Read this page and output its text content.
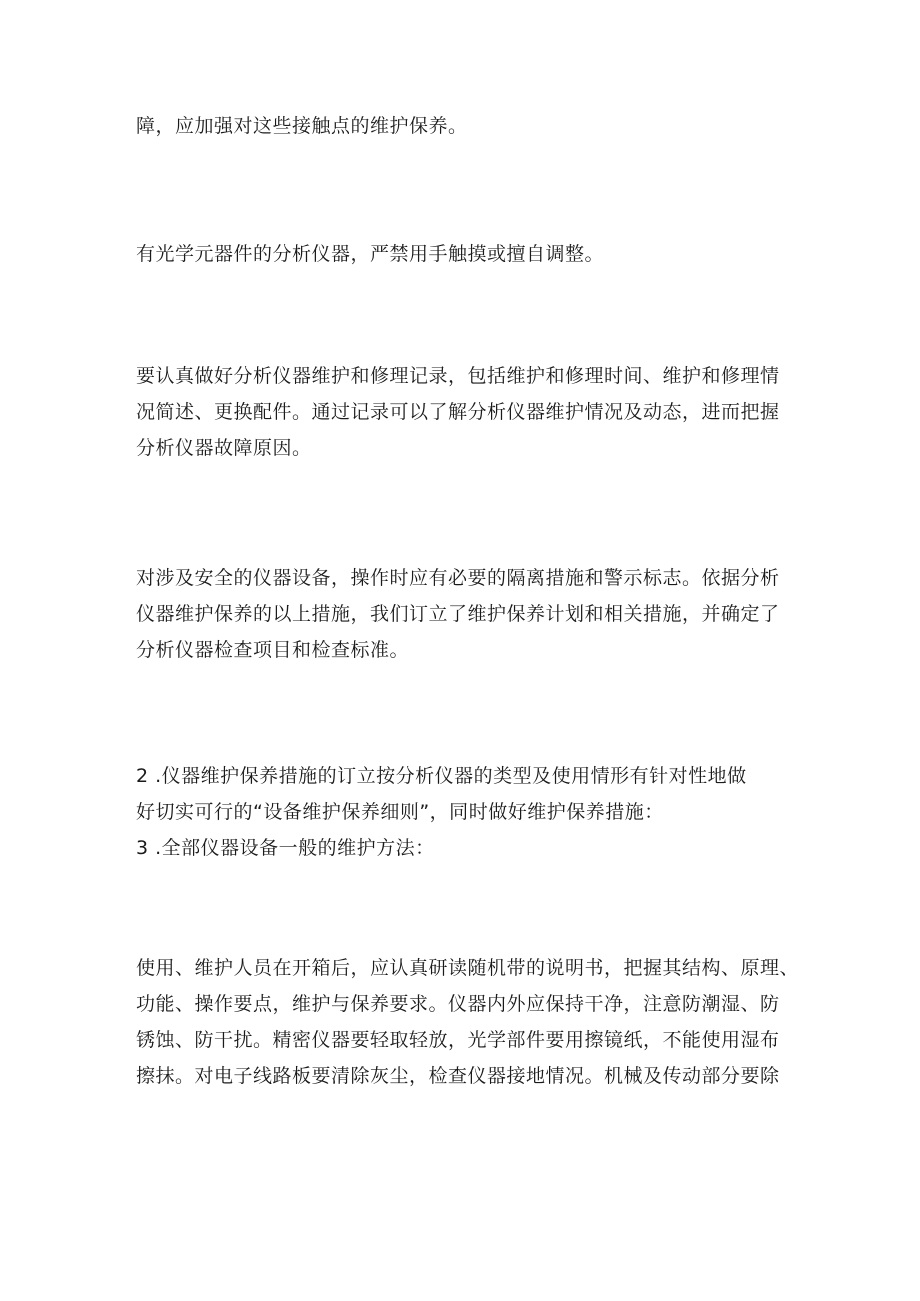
障，应加强对这些接触点的维护保养。

有光学元器件的分析仪器，严禁用手触摸或擅自调整。

要认真做好分析仪器维护和修理记录，包括维护和修理时间、维护和修理情
况简述、更换配件。通过记录可以了解分析仪器维护情况及动态，进而把握
分析仪器故障原因。

对涉及安全的仪器设备，操作时应有必要的隔离措施和警示标志。依据分析
仪器维护保养的以上措施，我们订立了维护保养计划和相关措施，并确定了
分析仪器检查项目和检查标准。

2 .仪器维护保养措施的订立按分析仪器的类型及使用情形有针对性地做
好切实可行的“设备维护保养细则”，同时做好维护保养措施：
3 .全部仪器设备一般的维护方法：

使用、维护人员在开箱后，应认真研读随机带的说明书，把握其结构、原理、
功能、操作要点，维护与保养要求。仪器内外应保持干净，注意防潮湿、防
锈蚀、防干扰。精密仪器要轻取轻放，光学部件要用擦镜纸，不能使用湿布
擦抹。对电子线路板要清除灰尘，检查仪器接地情况。机械及传动部分要除
